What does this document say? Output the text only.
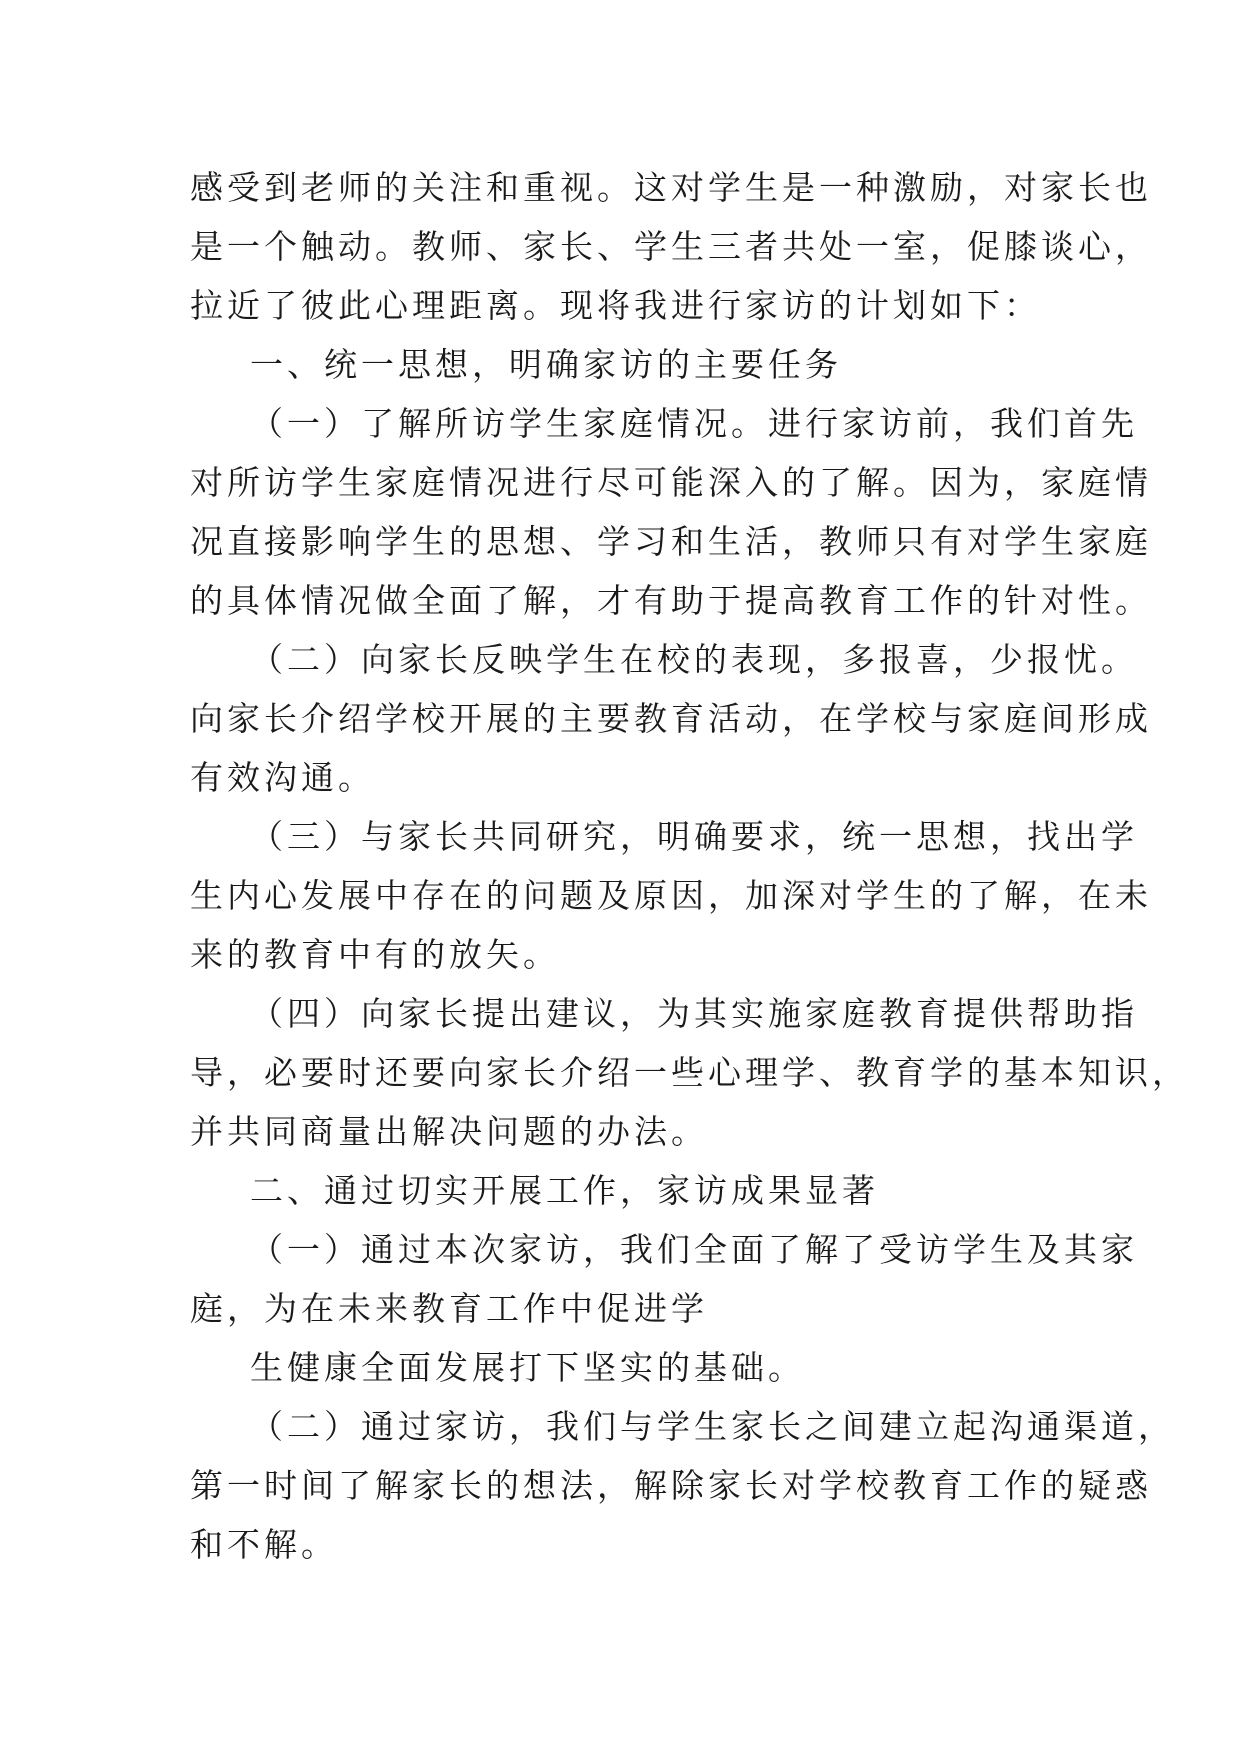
感受到老师的关注和重视。这对学生是一种激励，对家长也
是一个触动。教师、家长、学生三者共处一室，促膝谈心，
拉近了彼此心理距离。现将我进行家访的计划如下：
一、统一思想，明确家访的主要任务
（一）了解所访学生家庭情况。进行家访前，我们首先
对所访学生家庭情况进行尽可能深入的了解。因为，家庭情
况直接影响学生的思想、学习和生活，教师只有对学生家庭
的具体情况做全面了解，才有助于提高教育工作的针对性。
（二）向家长反映学生在校的表现，多报喜，少报忧。
向家长介绍学校开展的主要教育活动，在学校与家庭间形成
有效沟通。
（三）与家长共同研究，明确要求，统一思想，找出学
生内心发展中存在的问题及原因，加深对学生的了解，在未
来的教育中有的放矢。
（四）向家长提出建议，为其实施家庭教育提供帮助指
导，必要时还要向家长介绍一些心理学、教育学的基本知识，
并共同商量出解决问题的办法。
二、通过切实开展工作，家访成果显著
（一）通过本次家访，我们全面了解了受访学生及其家
庭，为在未来教育工作中促进学
生健康全面发展打下坚实的基础。
（二）通过家访，我们与学生家长之间建立起沟通渠道，
第一时间了解家长的想法，解除家长对学校教育工作的疑惑
和不解。
